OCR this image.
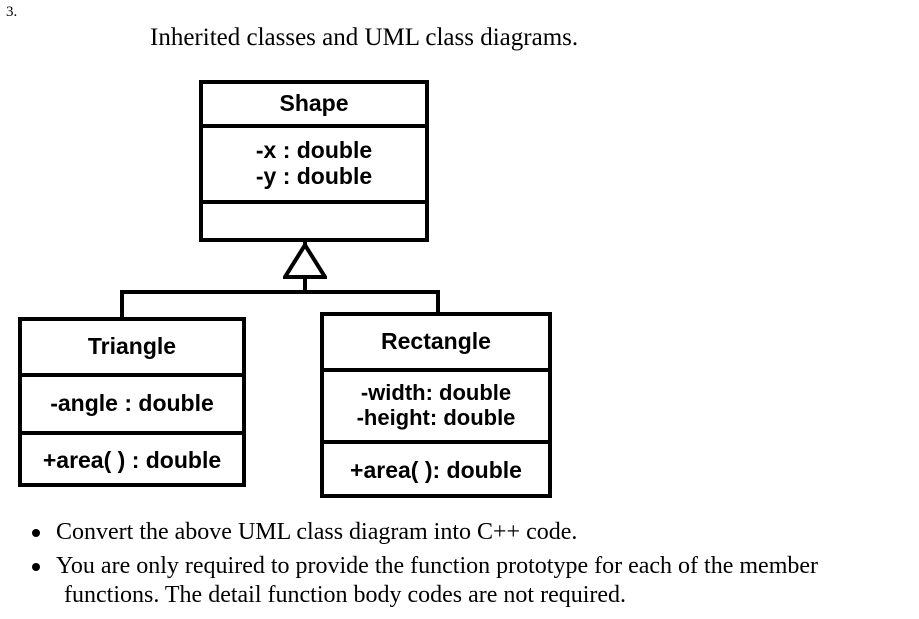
3.
Inherited classes and UML class diagrams.
Shape
-x : double
-y : double
Triangle
-angle : double
+area( ) : double
Rectangle
-width: double
-height: double
+area( ): double
Convert the above UML class diagram into C++ code.
You are only required to provide the function prototype for each of the member
functions. The detail function body codes are not required.
